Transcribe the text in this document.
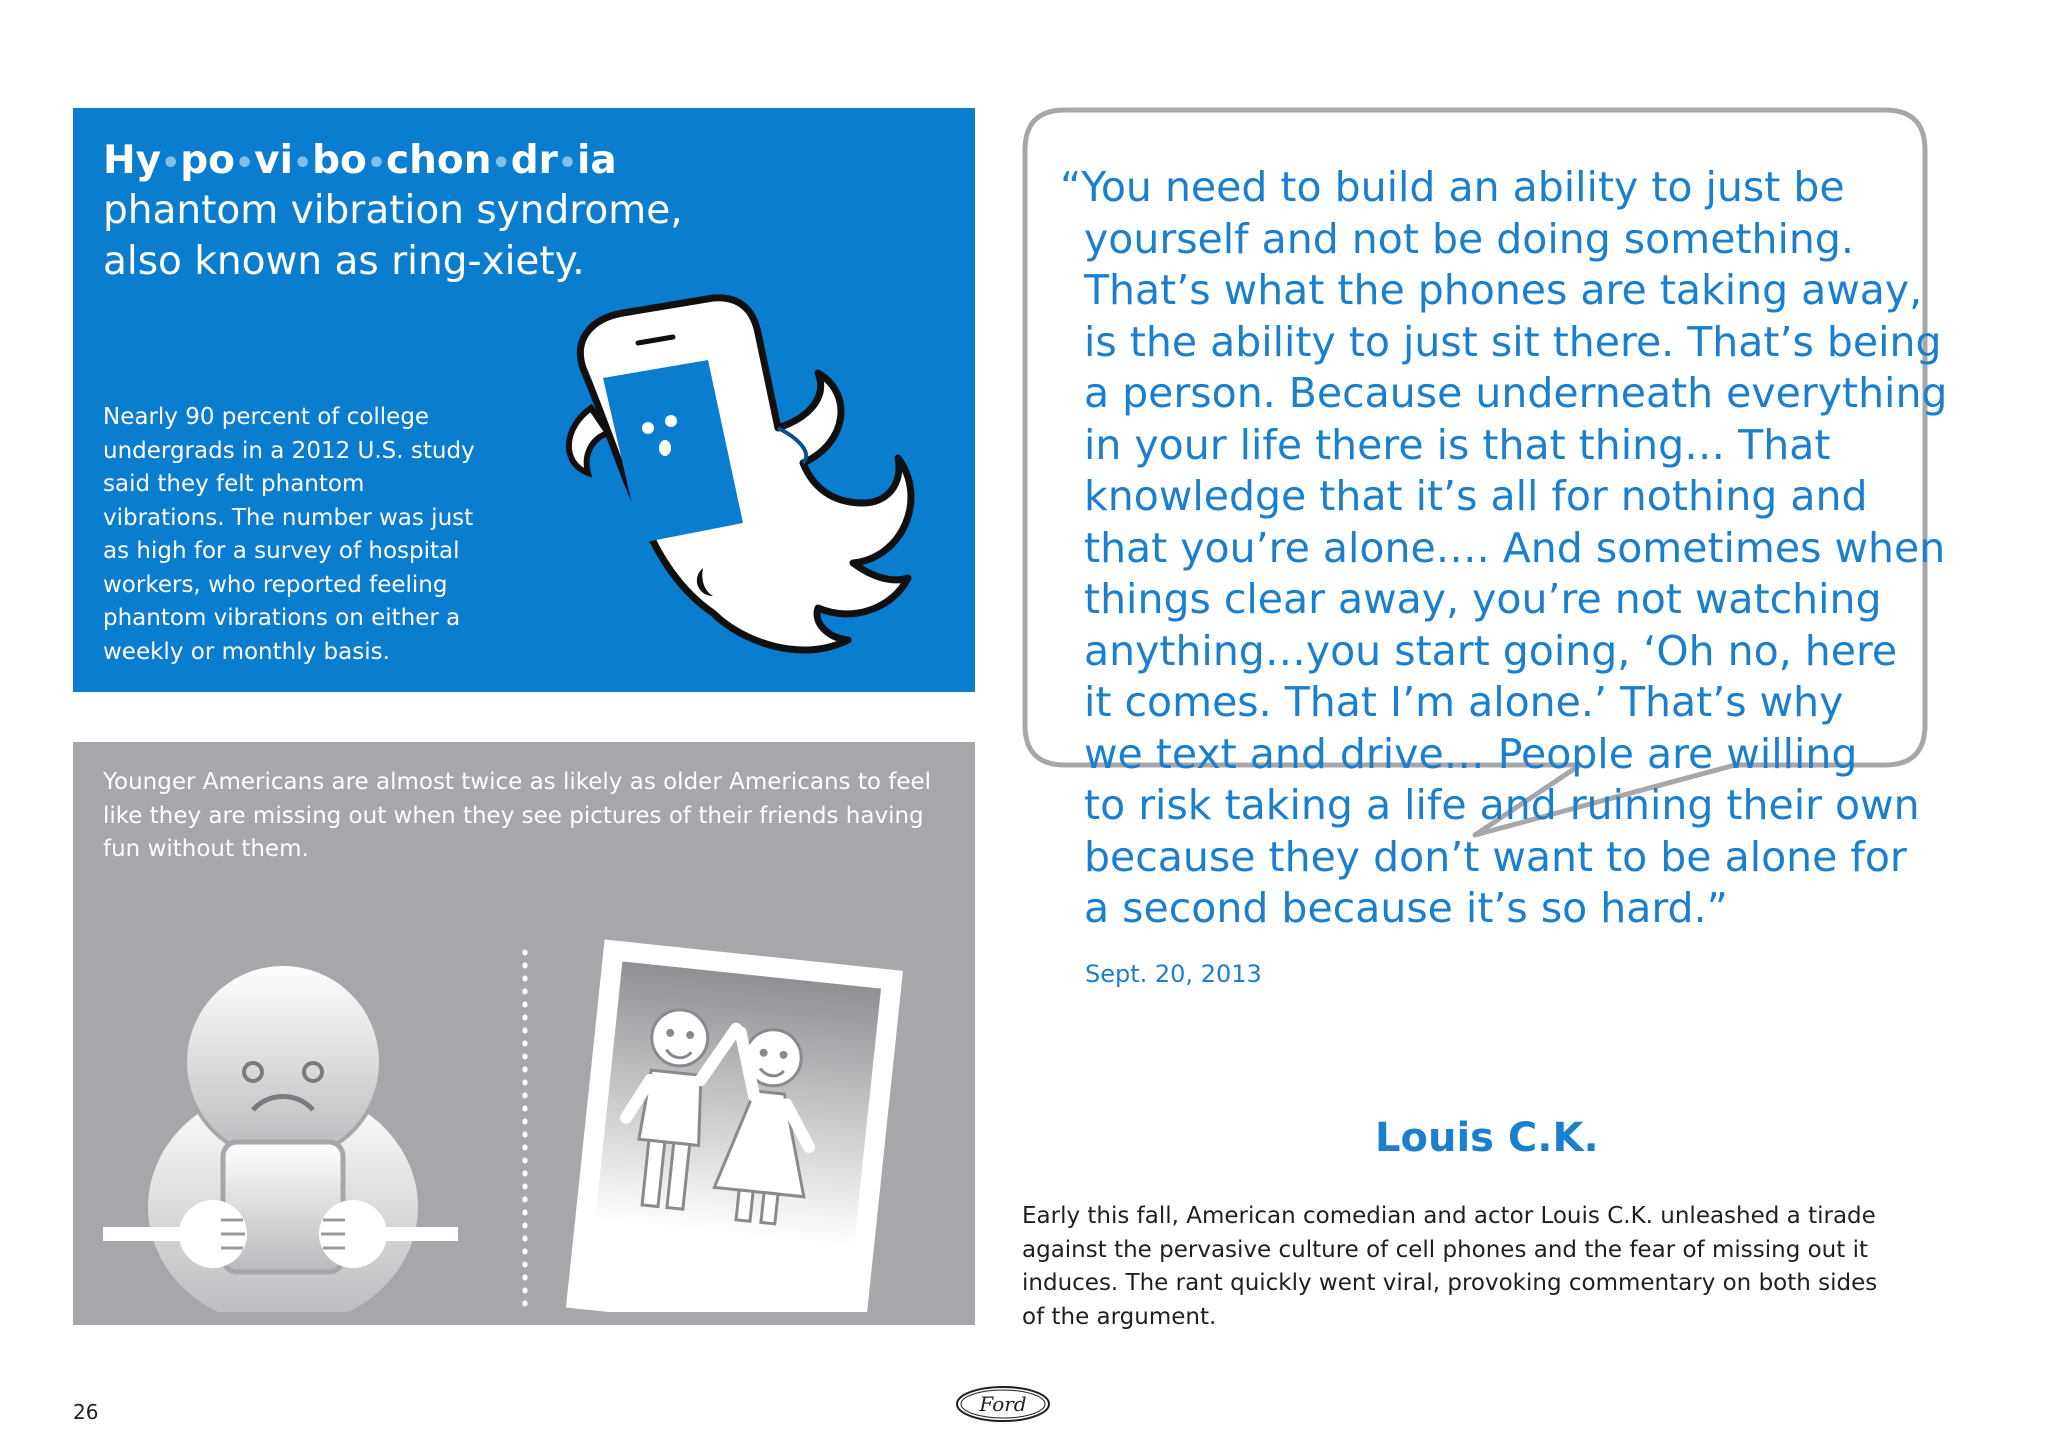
Hy•po•vi•bo•chon•dr•ia
phantom vibration syndrome,
also known as ring-xiety.
Nearly 90 percent of college undergrads in a 2012 U.S. study said they felt phantom vibrations. The number was just as high for a survey of hospital workers, who reported feeling phantom vibrations on either a weekly or monthly basis.
Younger Americans are almost twice as likely as older Americans to feel like they are missing out when they see pictures of their friends having fun without them.
“You need to build an ability to just be
yourself and not be doing something.
That’s what the phones are taking away,
is the ability to just sit there. That’s being
a person. Because underneath everything
in your life there is that thing… That
knowledge that it’s all for nothing and
that you’re alone…. And sometimes when
things clear away, you’re not watching
anything…you start going, ‘Oh no, here
it comes. That I’m alone.’ That’s why
we text and drive… People are willing
to risk taking a life and ruining their own
because they don’t want to be alone for
a second because it’s so hard.”
Sept. 20, 2013
Louis C.K.
Early this fall, American comedian and actor Louis C.K. unleashed a tirade against the pervasive culture of cell phones and the fear of missing out it induces. The rant quickly went viral, provoking commentary on both sides of the argument.
26	Ford
